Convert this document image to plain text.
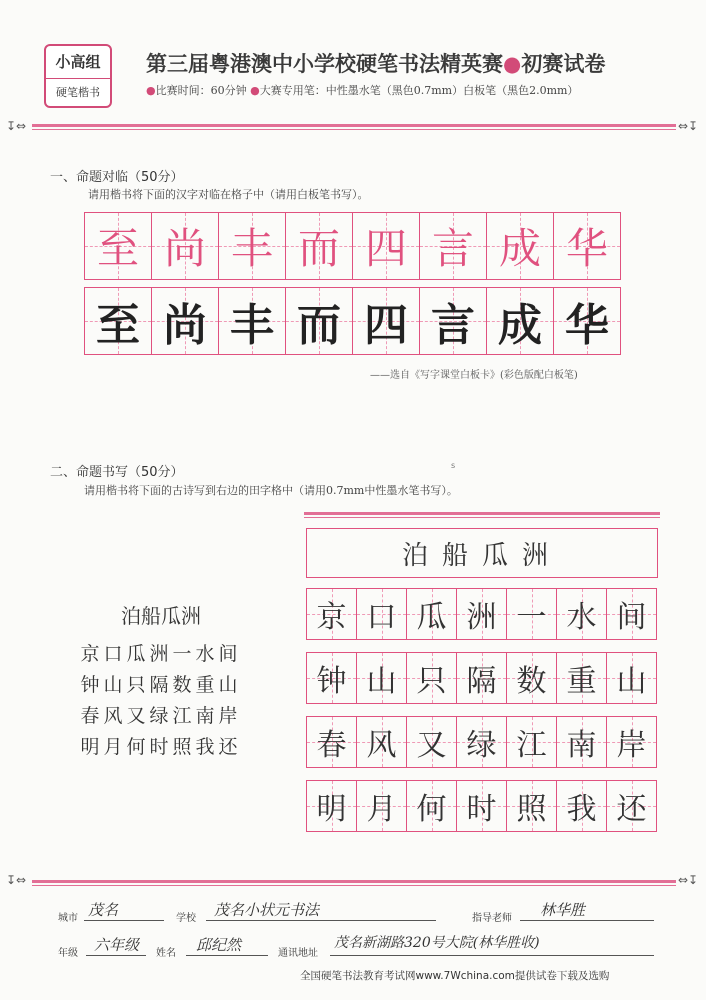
小高组
硬笔楷书
第三届粤港澳中小学校硬笔书法精英赛●初赛试卷
●比赛时间：60分钟 ●大赛专用笔：中性墨水笔（黑色0.7mm）白板笔（黑色2.0mm）
↧⇔	⇔↧
一、命题对临（50分）
请用楷书将下面的汉字对临在格子中（请用白板笔书写）。
至 尚 丰 而 四 言 成 华
至 尚 丰 而 四 言 成 华
——选自《写字课堂白板卡》(彩色版配白板笔)
二、命题书写（50分）
请用楷书将下面的古诗写到右边的田字格中（请用0.7mm中性墨水笔书写）。
s
泊船瓜洲
京口瓜洲一水间
钟山只隔数重山
春风又绿江南岸
明月何时照我还
泊船瓜洲
京 口 瓜 洲 一 水 间
钟 山 只 隔 数 重 山
春 风 又 绿 江 南 岸
明 月 何 时 照 我 还
↧⇔	⇔↧
城市 茂名	学校 茂名小状元书法	指导老师 林华胜
年级 六年级 姓名 邱纪然	通讯地址
茂名新湖路320号大院(林华胜收)
全国硬笔书法教育考试网www.7Wchina.com提供试卷下载及选购
